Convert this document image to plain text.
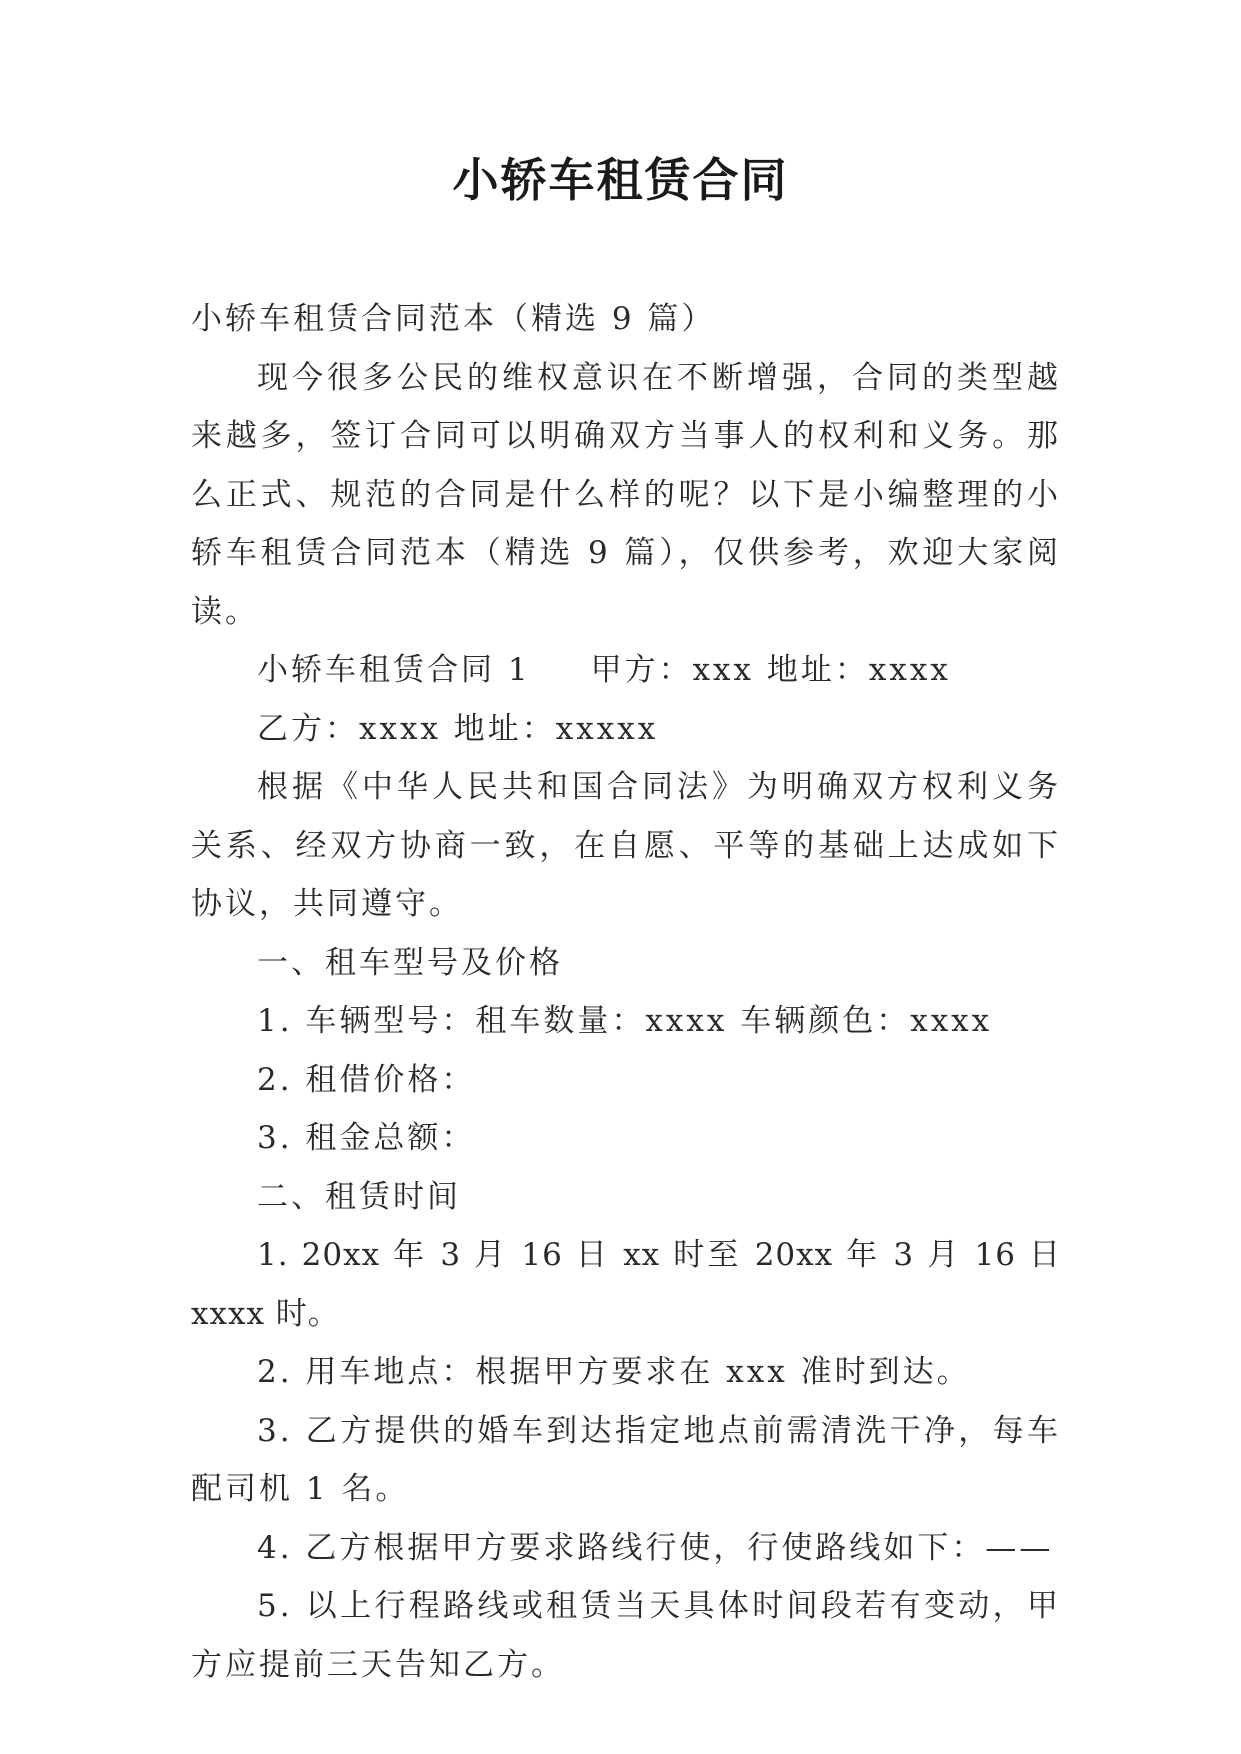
小轿车租赁合同

小轿车租赁合同范本（精选 9 篇）

现今很多公民的维权意识在不断增强，合同的类型越来越多，签订合同可以明确双方当事人的权利和义务。那么正式、规范的合同是什么样的呢？以下是小编整理的小轿车租赁合同范本（精选 9 篇），仅供参考，欢迎大家阅读。

小轿车租赁合同 1 甲方：xxx 地址：xxxx

乙方：xxxx 地址：xxxxx

根据《中华人民共和国合同法》为明确双方权利义务关系、经双方协商一致，在自愿、平等的基础上达成如下协议，共同遵守。

一、租车型号及价格

1. 车辆型号：租车数量：xxxx 车辆颜色：xxxx

2. 租借价格：

3. 租金总额：

二、租赁时间

1. 20xx 年 3 月 16 日 xx 时至 20xx 年 3 月 16 日 xxxx 时。

2. 用车地点：根据甲方要求在 xxx 准时到达。

3. 乙方提供的婚车到达指定地点前需清洗干净，每车配司机 1 名。

4. 乙方根据甲方要求路线行使，行使路线如下：——

5. 以上行程路线或租赁当天具体时间段若有变动，甲方应提前三天告知乙方。
